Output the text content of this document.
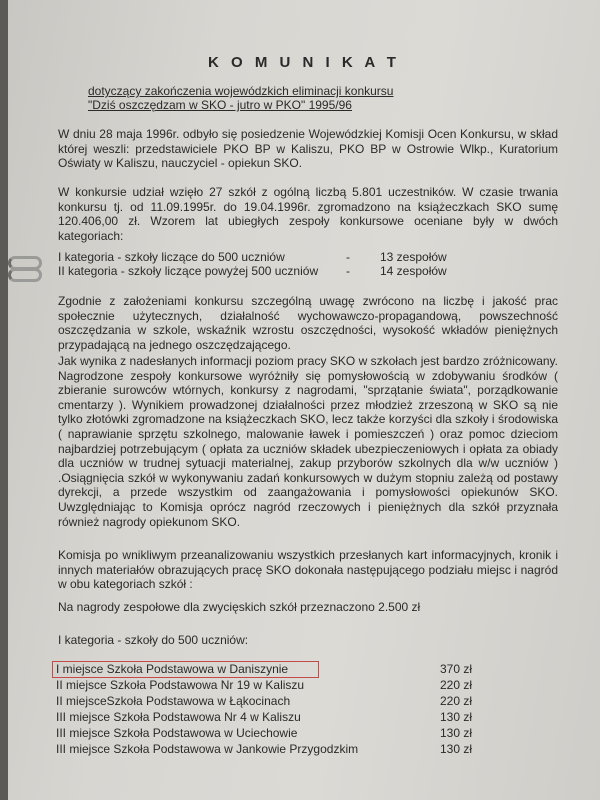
K O M U N I K A T
dotyczący zakończenia wojewódzkich eliminacji konkursu
"Dziś oszczędzam w SKO - jutro w PKO" 1995/96
W dniu 28 maja 1996r. odbyło się posiedzenie Wojewódzkiej Komisji Ocen Konkursu, w skład której weszli: przedstawiciele PKO BP w Kaliszu, PKO BP w Ostrowie Wlkp., Kuratorium Oświaty w Kaliszu, nauczyciel - opiekun SKO.
W konkursie udział wzięło 27 szkół z ogólną liczbą 5.801 uczestników. W czasie trwania konkursu tj. od 11.09.1995r. do 19.04.1996r. zgromadzono na książeczkach SKO sumę 120.406,00 zł. Wzorem lat ubiegłych zespoły konkursowe oceniane były w dwóch kategoriach:
I kategoria - szkoły liczące do 500 uczniów	-	13 zespołów
II kategoria - szkoły liczące powyżej 500 uczniów -	14 zespołów
Zgodnie z założeniami konkursu szczególną uwagę zwrócono na liczbę i jakość prac społecznie użytecznych, działalność wychowawczo-propagandową, powszechność oszczędzania w szkole, wskaźnik wzrostu oszczędności, wysokość wkładów pieniężnych przypadającą na jednego oszczędzającego.
Jak wynika z nadesłanych informacji poziom pracy SKO w szkołach jest bardzo zróżnicowany. Nagrodzone zespoły konkursowe wyróżniły się pomysłowością w zdobywaniu środków ( zbieranie surowców wtórnych, konkursy z nagrodami, "sprzątanie świata", porządkowanie cmentarzy ). Wynikiem prowadzonej działalności przez młodzież zrzeszoną w SKO są nie tylko złotówki zgromadzone na książeczkach SKO, lecz także korzyści dla szkoły i środowiska ( naprawianie sprzętu szkolnego, malowanie ławek i pomieszczeń ) oraz pomoc dzieciom najbardziej potrzebującym ( opłata za uczniów składek ubezpieczeniowych i opłata za obiady dla uczniów w trudnej sytuacji materialnej, zakup przyborów szkolnych dla w/w uczniów ) .Osiągnięcia szkół w wykonywaniu zadań konkursowych w dużym stopniu zależą od postawy dyrekcji, a przede wszystkim od zaangażowania i pomysłowości opiekunów SKO. Uwzględniając to Komisja oprócz nagród rzeczowych i pieniężnych dla szkół przyznała również nagrody opiekunom SKO.
Komisja po wnikliwym przeanalizowaniu wszystkich przesłanych kart informacyjnych, kronik i innych materiałów obrazujących pracę SKO dokonała następującego podziału miejsc i nagród w obu kategoriach szkół :
Na nagrody zespołowe dla zwycięskich szkół przeznaczono 2.500 zł
I kategoria - szkoły do 500 uczniów:
I miejsce Szkoła Podstawowa w Daniszynie	370 zł
II miejsce Szkoła Podstawowa Nr 19 w Kaliszu	220 zł
II miejsceSzkoła Podstawowa w Łąkocinach	220 zł
III miejsce Szkoła Podstawowa Nr 4 w Kaliszu	130 zł
III miejsce Szkoła Podstawowa w Uciechowie	130 zł
III miejsce Szkoła Podstawowa w Jankowie Przygodzkim	130 zł
